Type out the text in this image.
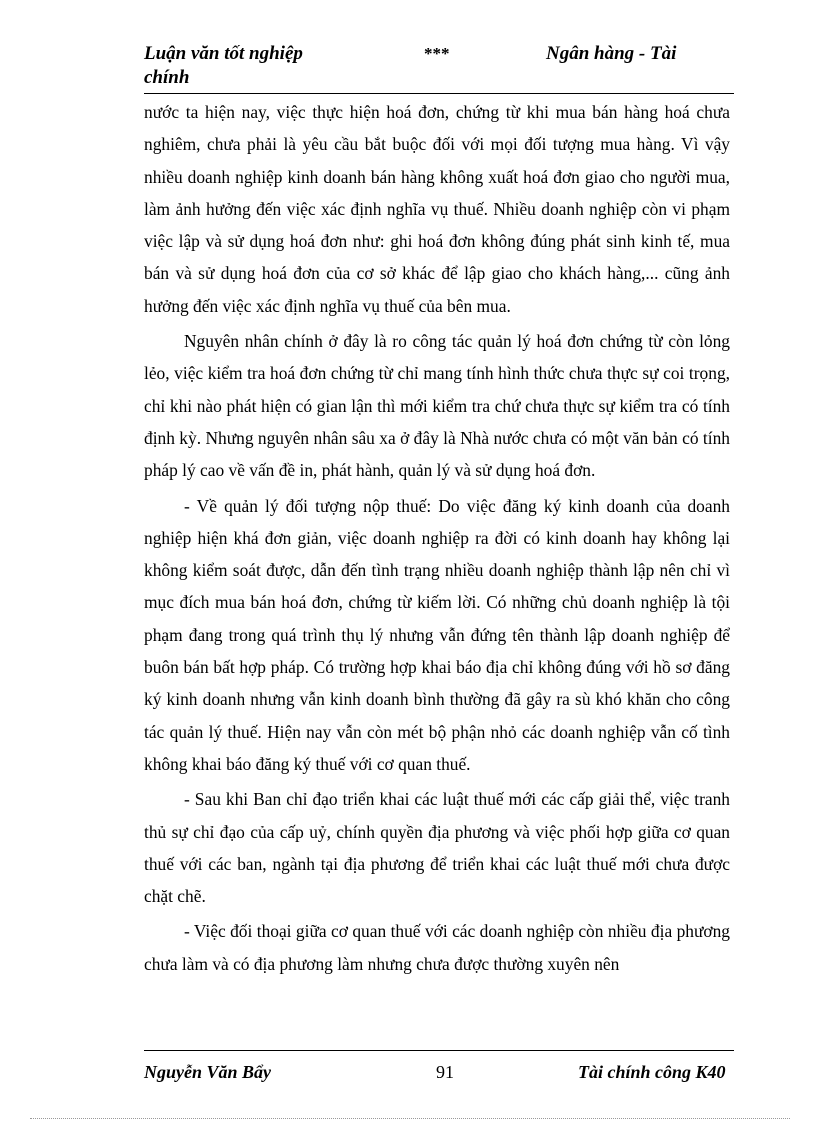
Luận văn tốt nghiệp chính
***	Ngân hàng - Tài

nước ta hiện nay, việc thực hiện hoá đơn, chứng từ khi mua bán hàng hoá chưa nghiêm, chưa phải là yêu cầu bắt buộc đối với mọi đối tượng mua hàng. Vì vậy nhiều doanh nghiệp kinh doanh bán hàng không xuất hoá đơn giao cho người mua, làm ảnh hưởng đến việc xác định nghĩa vụ thuế. Nhiều doanh nghiệp còn vi phạm việc lập và sử dụng hoá đơn như: ghi hoá đơn không đúng phát sinh kinh tế, mua bán và sử dụng hoá đơn của cơ sở khác để lập giao cho khách hàng,... cũng ảnh hưởng đến việc xác định nghĩa vụ thuế của bên mua.

Nguyên nhân chính ở đây là ro công tác quản lý hoá đơn chứng từ còn lỏng lẻo, việc kiểm tra hoá đơn chứng từ chỉ mang tính hình thức chưa thực sự coi trọng, chỉ khi nào phát hiện có gian lận thì mới kiểm tra chứ chưa thực sự kiểm tra có tính định kỳ. Nhưng nguyên nhân sâu xa ở đây là Nhà nước chưa có một văn bản có tính pháp lý cao về vấn đề in, phát hành, quản lý và sử dụng hoá đơn.

- Về quản lý đối tượng nộp thuế: Do việc đăng ký kinh doanh của doanh nghiệp hiện khá đơn giản, việc doanh nghiệp ra đời có kinh doanh hay không lại không kiểm soát được, dẫn đến tình trạng nhiều doanh nghiệp thành lập nên chỉ vì mục đích mua bán hoá đơn, chứng từ kiếm lời. Có những chủ doanh nghiệp là tội phạm đang trong quá trình thụ lý nhưng vẫn đứng tên thành lập doanh nghiệp để buôn bán bất hợp pháp. Có trường hợp khai báo địa chỉ không đúng với hồ sơ đăng ký kinh doanh nhưng vẫn kinh doanh bình thường đã gây ra sù khó khăn cho công tác quản lý thuế. Hiện nay vẫn còn mét bộ phận nhỏ các doanh nghiệp vẫn cố tình không khai báo đăng ký thuế với cơ quan thuế.

- Sau khi Ban chỉ đạo triển khai các luật thuế mới các cấp giải thể, việc tranh thủ sự chỉ đạo của cấp uỷ, chính quyền địa phương và việc phối hợp giữa cơ quan thuế với các ban, ngành tại địa phương để triển khai các luật thuế mới chưa được chặt chẽ.

- Việc đối thoại giữa cơ quan thuế với các doanh nghiệp còn nhiều địa phương chưa làm và có địa phương làm nhưng chưa được thường xuyên nên

Nguyễn Văn Bẩy	91	Tài chính công K40
